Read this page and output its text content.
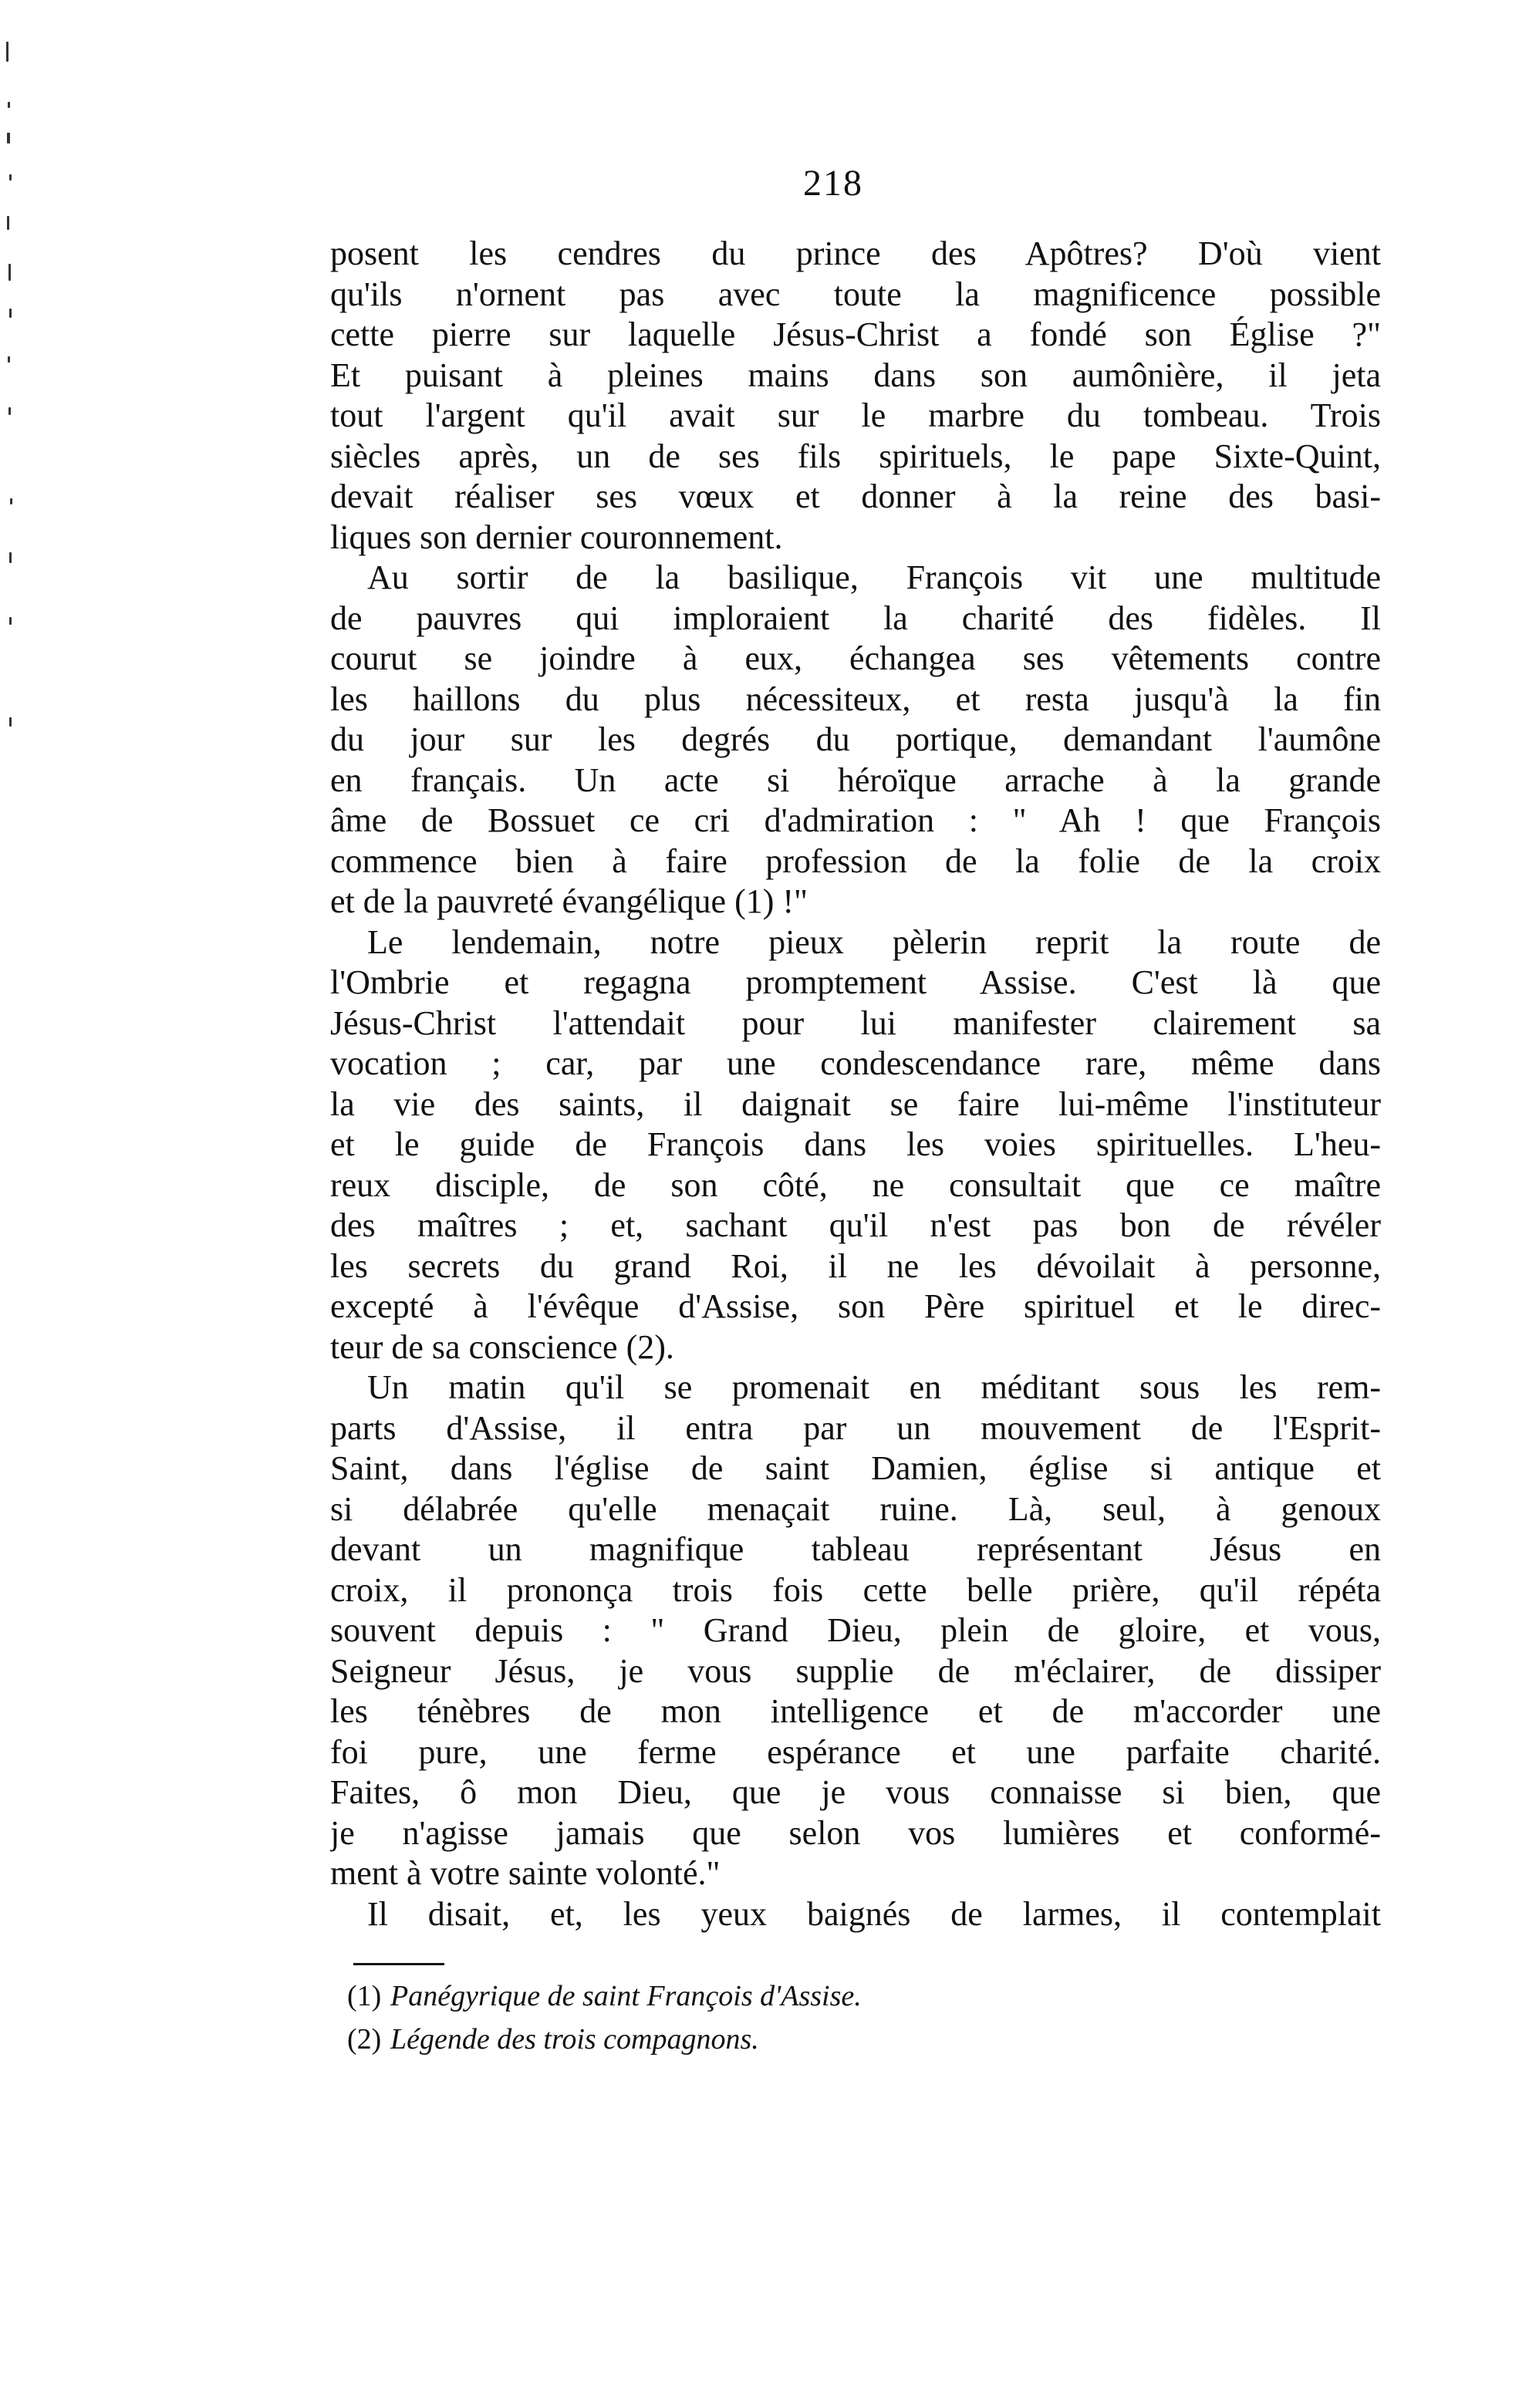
218
posent les cendres du prince des Apôtres? D'où vient
qu'ils n'ornent pas avec toute la magnificence possible
cette pierre sur laquelle Jésus-Christ a fondé son Église ?"
Et puisant à pleines mains dans son aumônière, il jeta
tout l'argent qu'il avait sur le marbre du tombeau. Trois
siècles après, un de ses fils spirituels, le pape Sixte-Quint,
devait réaliser ses vœux et donner à la reine des basi-
liques son dernier couronnement.
Au sortir de la basilique, François vit une multitude
de pauvres qui imploraient la charité des fidèles. Il
courut se joindre à eux, échangea ses vêtements contre
les haillons du plus nécessiteux, et resta jusqu'à la fin
du jour sur les degrés du portique, demandant l'aumône
en français. Un acte si héroïque arrache à la grande
âme de Bossuet ce cri d'admiration : " Ah ! que François
commence bien à faire profession de la folie de la croix
et de la pauvreté évangélique (1) !"
Le lendemain, notre pieux pèlerin reprit la route de
l'Ombrie et regagna promptement Assise. C'est là que
Jésus-Christ l'attendait pour lui manifester clairement sa
vocation ; car, par une condescendance rare, même dans
la vie des saints, il daignait se faire lui-même l'instituteur
et le guide de François dans les voies spirituelles. L'heu-
reux disciple, de son côté, ne consultait que ce maître
des maîtres ; et, sachant qu'il n'est pas bon de révéler
les secrets du grand Roi, il ne les dévoilait à personne,
excepté à l'évêque d'Assise, son Père spirituel et le direc-
teur de sa conscience (2).
Un matin qu'il se promenait en méditant sous les rem-
parts d'Assise, il entra par un mouvement de l'Esprit-
Saint, dans l'église de saint Damien, église si antique et
si délabrée qu'elle menaçait ruine. Là, seul, à genoux
devant un magnifique tableau représentant Jésus en
croix, il prononça trois fois cette belle prière, qu'il répéta
souvent depuis : " Grand Dieu, plein de gloire, et vous,
Seigneur Jésus, je vous supplie de m'éclairer, de dissiper
les ténèbres de mon intelligence et de m'accorder une
foi pure, une ferme espérance et une parfaite charité.
Faites, ô mon Dieu, que je vous connaisse si bien, que
je n'agisse jamais que selon vos lumières et conformé-
ment à votre sainte volonté."
Il disait, et, les yeux baignés de larmes, il contemplait
(1) Panégyrique de saint François d'Assise.
(2) Légende des trois compagnons.
